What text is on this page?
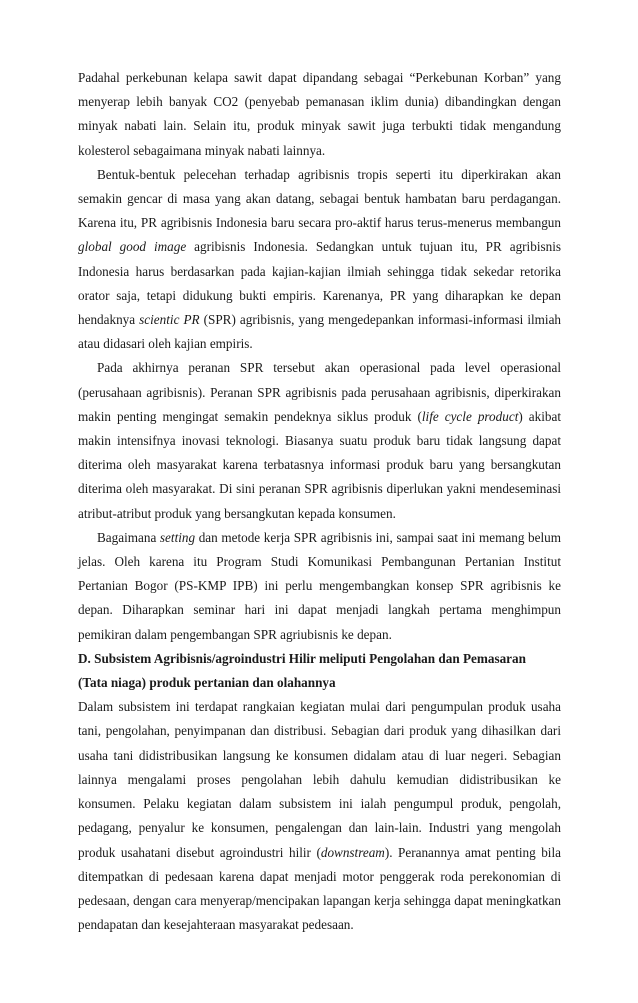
Padahal perkebunan kelapa sawit dapat dipandang sebagai “Perkebunan Korban” yang menyerap lebih banyak CO2 (penyebab pemanasan iklim dunia) dibandingkan dengan minyak nabati lain. Selain itu, produk minyak sawit juga terbukti tidak mengandung kolesterol sebagaimana minyak nabati lainnya.

Bentuk-bentuk pelecehan terhadap agribisnis tropis seperti itu diperkirakan akan semakin gencar di masa yang akan datang, sebagai bentuk hambatan baru perdagangan. Karena itu, PR agribisnis Indonesia baru secara pro-aktif harus terus-menerus membangun global good image agribisnis Indonesia. Sedangkan untuk tujuan itu, PR agribisnis Indonesia harus berdasarkan pada kajian-kajian ilmiah sehingga tidak sekedar retorika orator saja, tetapi didukung bukti empiris. Karenanya, PR yang diharapkan ke depan hendaknya scientic PR (SPR) agribisnis, yang mengedepankan informasi-informasi ilmiah atau didasari oleh kajian empiris.

Pada akhirnya peranan SPR tersebut akan operasional pada level operasional (perusahaan agribisnis). Peranan SPR agribisnis pada perusahaan agribisnis, diperkirakan makin penting mengingat semakin pendeknya siklus produk (life cycle product) akibat makin intensifnya inovasi teknologi. Biasanya suatu produk baru tidak langsung dapat diterima oleh masyarakat karena terbatasnya informasi produk baru yang bersangkutan diterima oleh masyarakat. Di sini peranan SPR agribisnis diperlukan yakni mendeseminasi atribut-atribut produk yang bersangkutan kepada konsumen.

Bagaimana setting dan metode kerja SPR agribisnis ini, sampai saat ini memang belum jelas. Oleh karena itu Program Studi Komunikasi Pembangunan Pertanian Institut Pertanian Bogor (PS-KMP IPB) ini perlu mengembangkan konsep SPR agribisnis ke depan. Diharapkan seminar hari ini dapat menjadi langkah pertama menghimpun pemikiran dalam pengembangan SPR agriubisnis ke depan.

D. Subsistem Agribisnis/agroindustri Hilir meliputi Pengolahan dan Pemasaran
(Tata niaga) produk pertanian dan olahannya

Dalam subsistem ini terdapat rangkaian kegiatan mulai dari pengumpulan produk usaha tani, pengolahan, penyimpanan dan distribusi. Sebagian dari produk yang dihasilkan dari usaha tani didistribusikan langsung ke konsumen didalam atau di luar negeri. Sebagian lainnya mengalami proses pengolahan lebih dahulu kemudian didistribusikan ke konsumen. Pelaku kegiatan dalam subsistem ini ialah pengumpul produk, pengolah, pedagang, penyalur ke konsumen, pengalengan dan lain-lain. Industri yang mengolah produk usahatani disebut agroindustri hilir (downstream). Peranannya amat penting bila ditempatkan di pedesaan karena dapat menjadi motor penggerak roda perekonomian di pedesaan, dengan cara menyerap/mencipakan lapangan kerja sehingga dapat meningkatkan pendapatan dan kesejahteraan masyarakat pedesaan.
